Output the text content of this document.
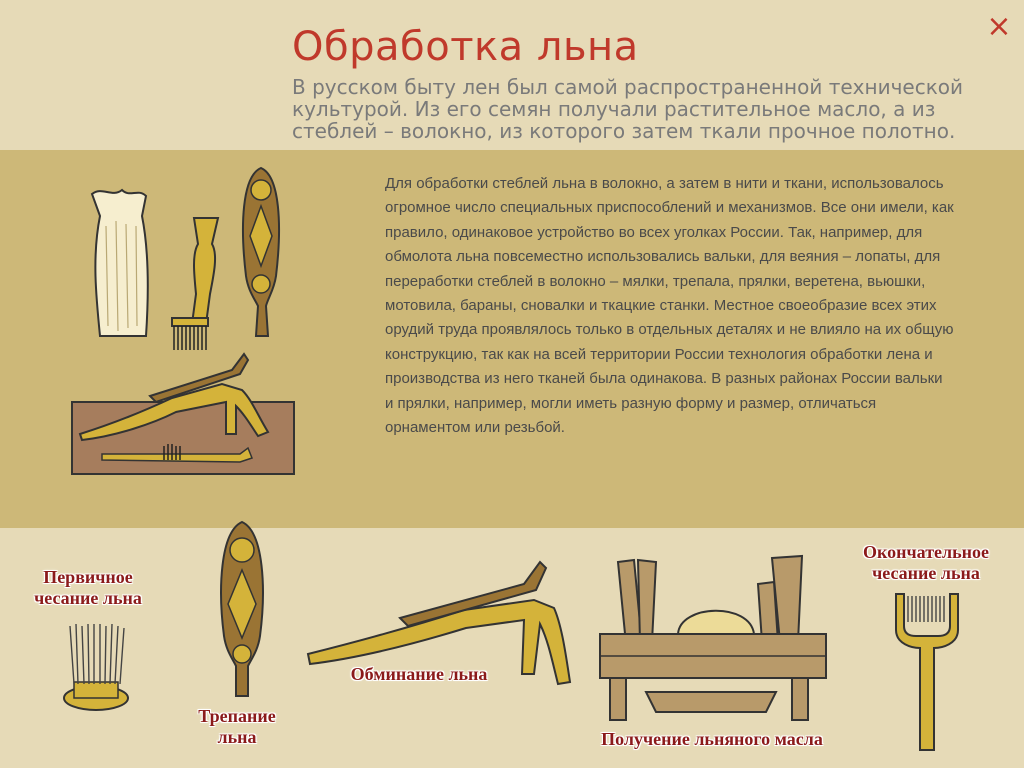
Обработка льна
В русском быту лен был самой распространенной технической культурой. Из его семян получали растительное масло, а из стеблей – волокно, из которого затем ткали прочное полотно.
×
Для обработки стеблей льна в волокно, а затем в нити и ткани, использовалось огромное число специальных приспособлений и механизмов. Все они имели, как правило, одинаковое устройство во всех уголках России. Так, например, для обмолота льна повсеместно использовались вальки, для веяния – лопаты, для переработки стеблей в волокно – мялки, трепала, прялки, веретена, вьюшки, мотовила, бараны, сновалки и ткацкие станки. Местное своеобразие всех этих орудий труда проявлялось только в отдельных деталях и не влияло на их общую конструкцию, так как на всей территории России технология обработки лена и производства из него тканей была одинакова. В разных районах России вальки и прялки, например, могли иметь разную форму и размер, отличаться орнаментом или резьбой.
Первичное
чесание льна
Трепание
льна
Обминание льна
Получение льняного масла
Окончательное
чесание льна
